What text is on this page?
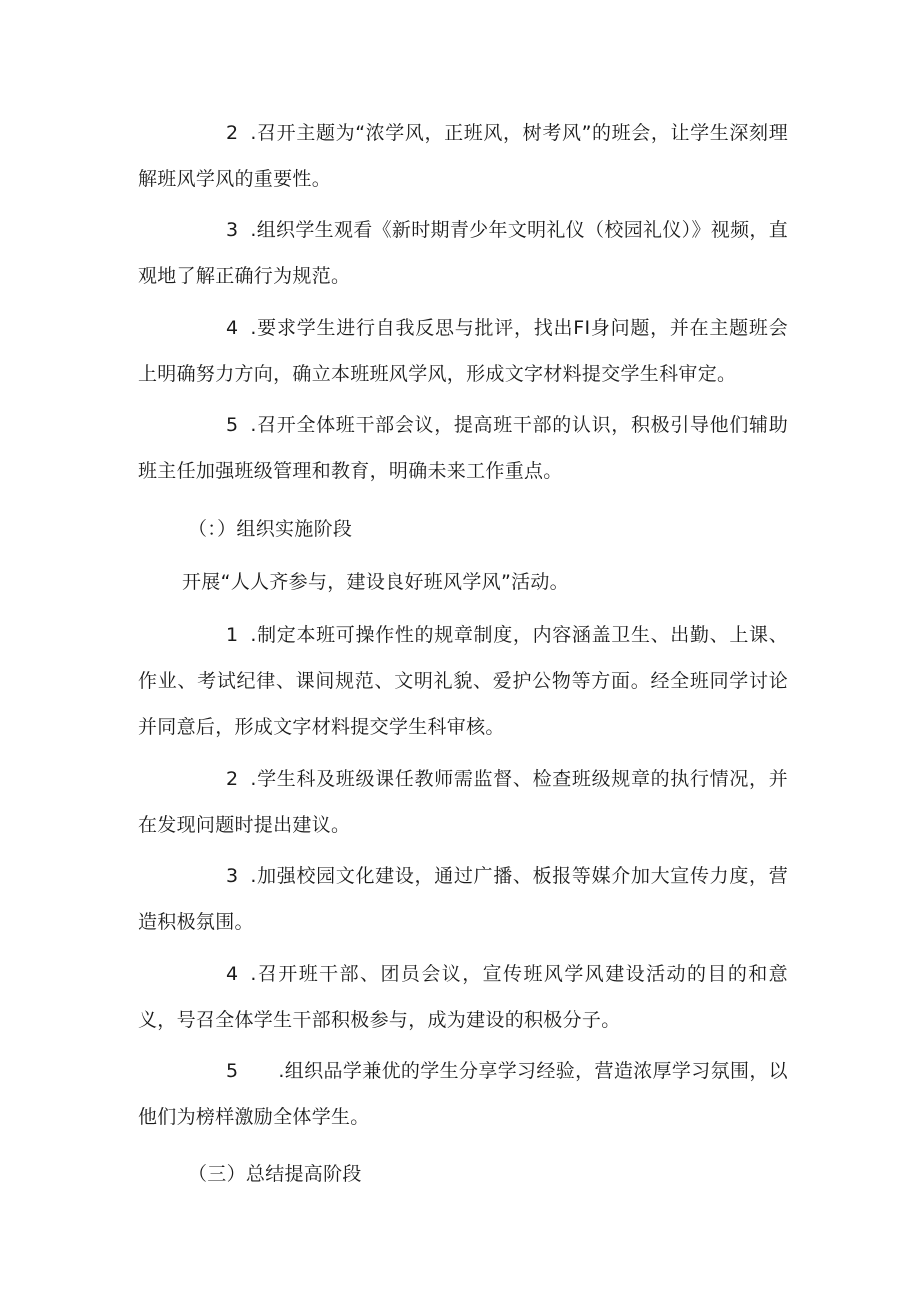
2 .召开主题为“浓学风，正班风，树考风”的班会，让学生深刻理解班风学风的重要性。

3 .组织学生观看《新时期青少年文明礼仪（校园礼仪）》视频，直观地了解正确行为规范。

4 .要求学生进行自我反思与批评，找出FI身问题，并在主题班会上明确努力方向，确立本班班风学风，形成文字材料提交学生科审定。

5 .召开全体班干部会议，提高班干部的认识，积极引导他们辅助班主任加强班级管理和教育，明确未来工作重点。

（：）组织实施阶段

开展“人人齐参与，建设良好班风学风”活动。

1 .制定本班可操作性的规章制度，内容涵盖卫生、出勤、上课、作业、考试纪律、课间规范、文明礼貌、爱护公物等方面。经全班同学讨论并同意后，形成文字材料提交学生科审核。

2 .学生科及班级课任教师需监督、检查班级规章的执行情况，并在发现问题时提出建议。

3 .加强校园文化建设，通过广播、板报等媒介加大宣传力度，营造积极氛围。

4 .召开班干部、团员会议，宣传班风学风建设活动的目的和意义，号召全体学生干部积极参与，成为建设的积极分子。

5 .组织品学兼优的学生分享学习经验，营造浓厚学习氛围，以他们为榜样激励全体学生。

（三）总结提高阶段
